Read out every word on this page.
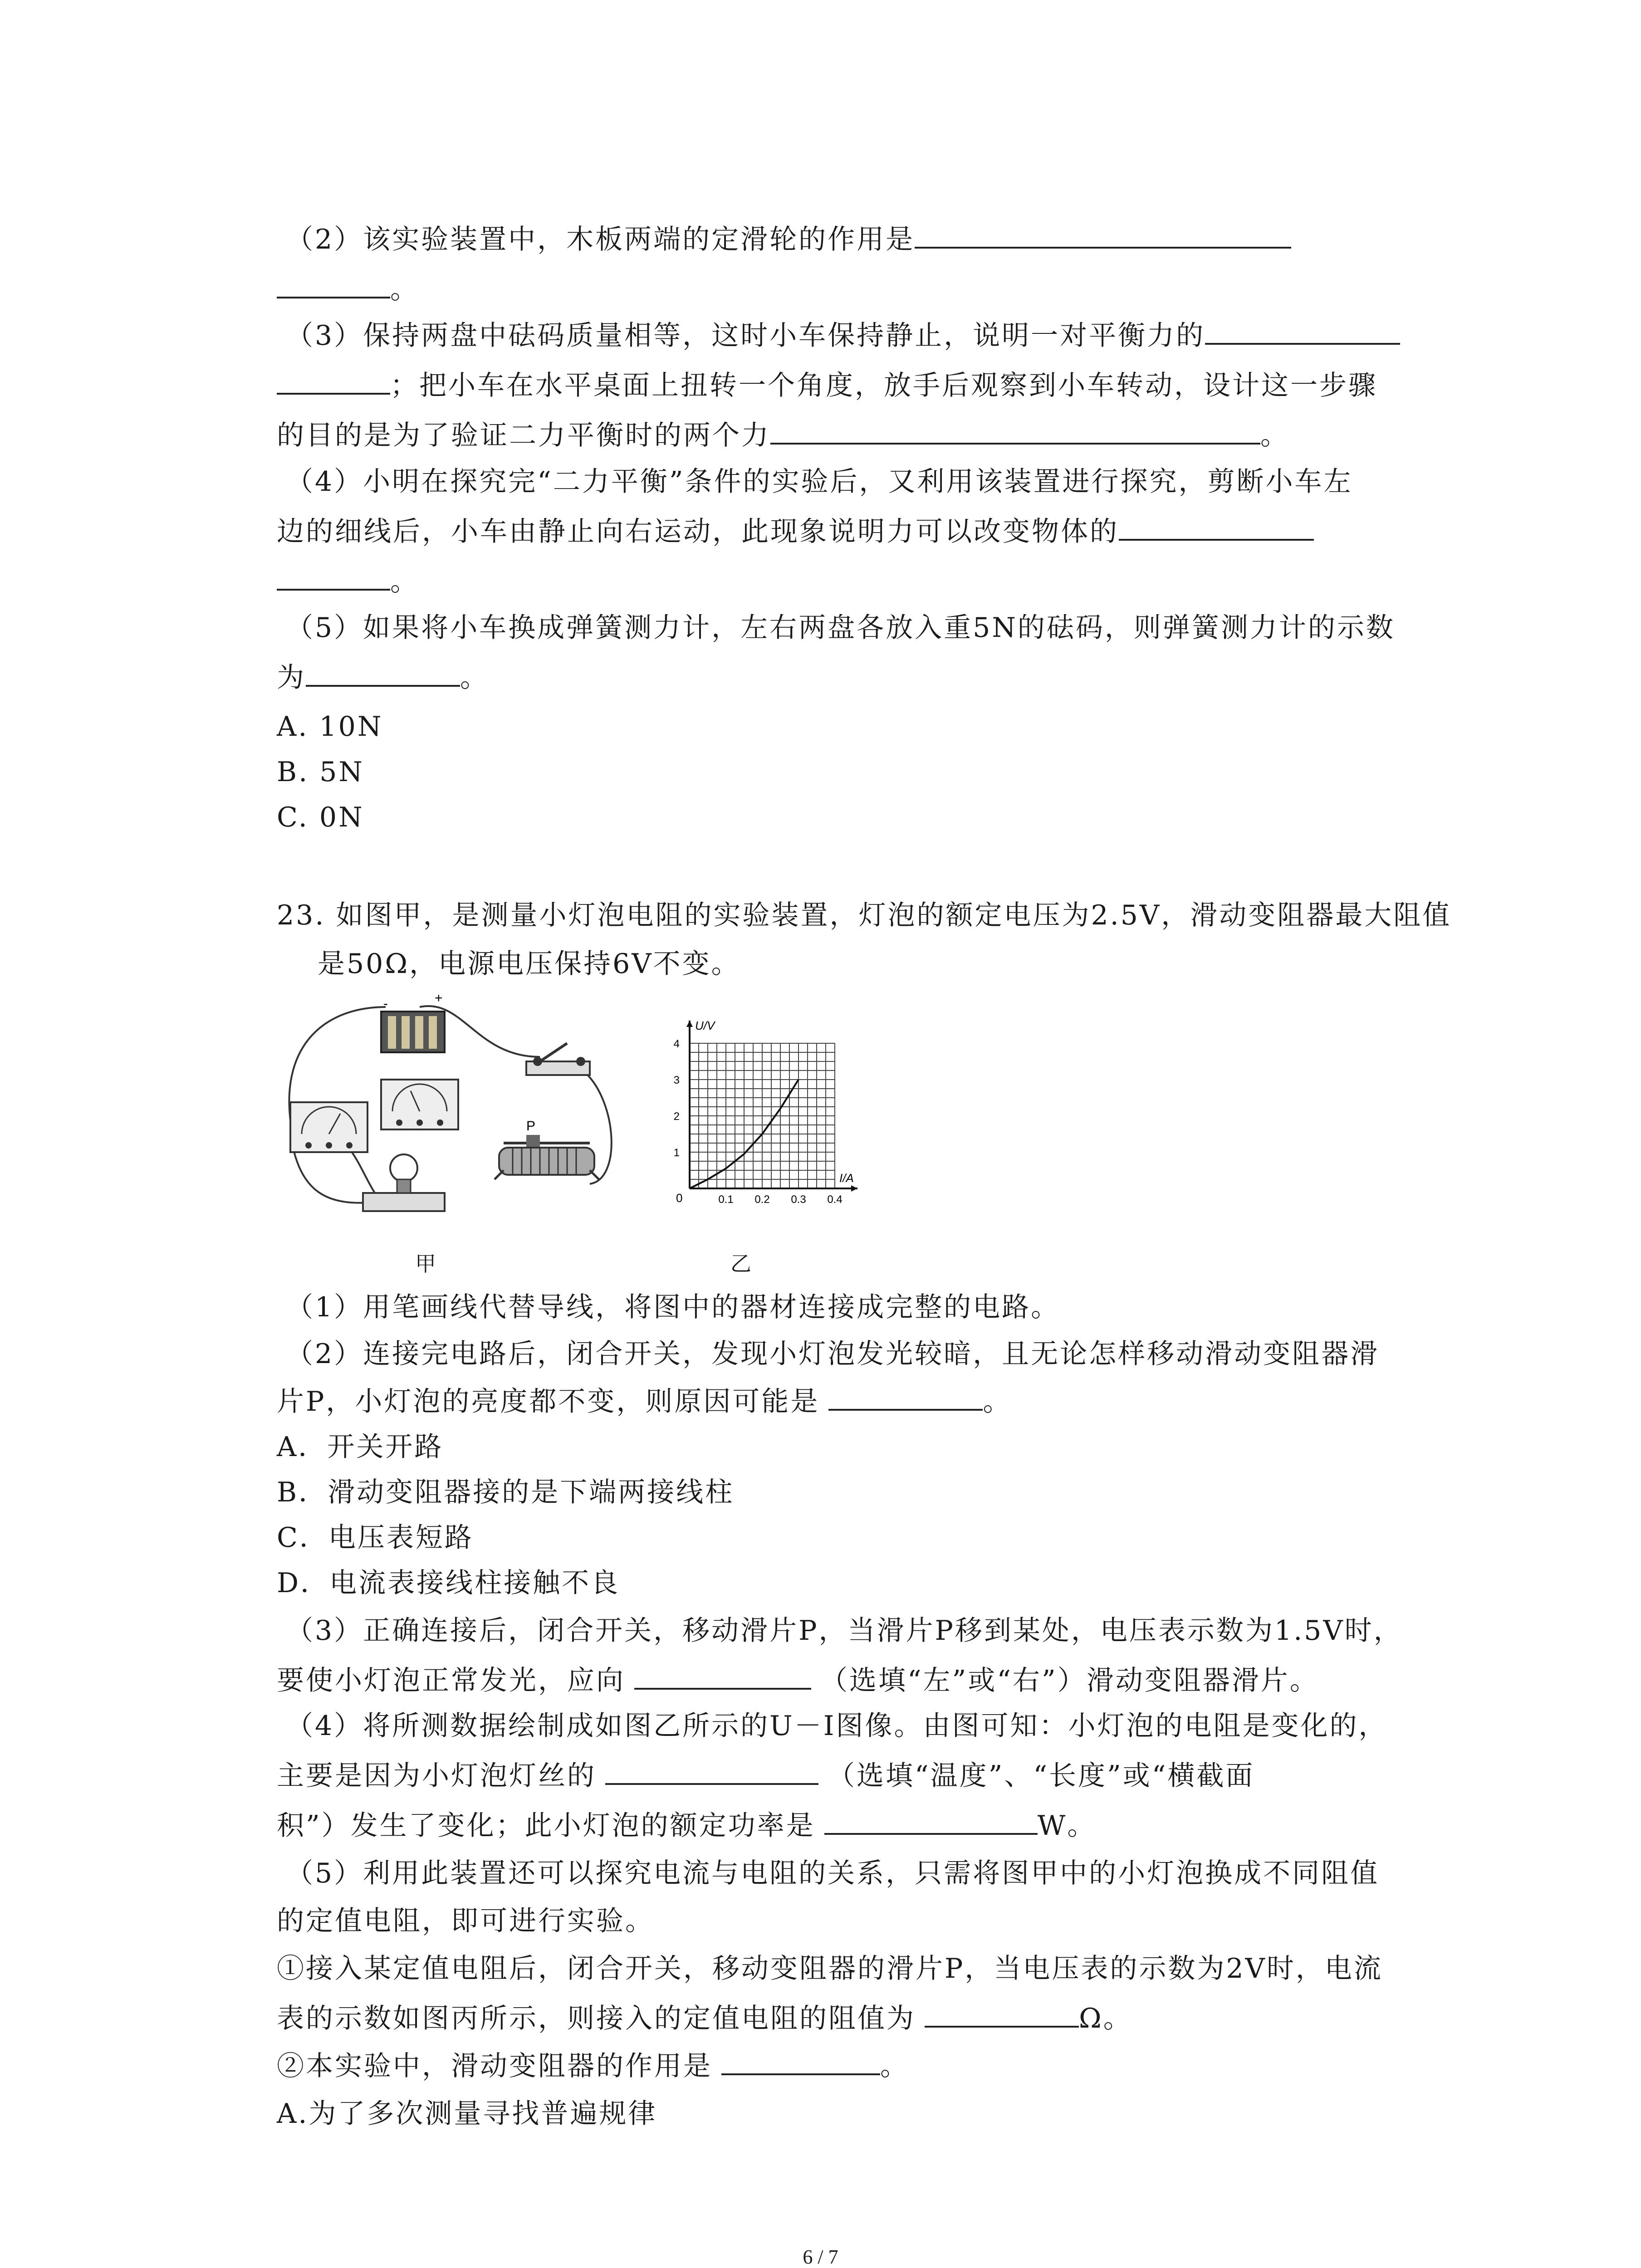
（2）该实验装置中，木板两端的定滑轮的作用是
。
（3）保持两盘中砝码质量相等，这时小车保持静止，说明一对平衡力的
；把小车在水平桌面上扭转一个角度，放手后观察到小车转动，设计这一步骤
的目的是为了验证二力平衡时的两个力	。
（4）小明在探究完“二力平衡”条件的实验后，又利用该装置进行探究，剪断小车左
边的细线后，小车由静止向右运动，此现象说明力可以改变物体的
。
（5）如果将小车换成弹簧测力计，左右两盘各放入重5N的砝码，则弹簧测力计的示数
为	。
A. 10N
B. 5N
C. 0N
23. 如图甲，是测量小灯泡电阻的实验装置，灯泡的额定电压为2.5V，滑动变阻器最大阻值
是50Ω，电源电压保持6V不变。
-	+
P
甲
U/V
I/A
0	0.1 0.2 0.3 0.4
1
2
3
4
乙
（1）用笔画线代替导线，将图中的器材连接成完整的电路。
（2）连接完电路后，闭合开关，发现小灯泡发光较暗，且无论怎样移动滑动变阻器滑
片P，小灯泡的亮度都不变，则原因可能是	。
A．开关开路
B．滑动变阻器接的是下端两接线柱
C．电压表短路
D．电流表接线柱接触不良
（3）正确连接后，闭合开关，移动滑片P，当滑片P移到某处，电压表示数为1.5V时，
要使小灯泡正常发光，应向	（选填“左”或“右”）滑动变阻器滑片。
（4）将所测数据绘制成如图乙所示的U－I图像。由图可知：小灯泡的电阻是变化的，
主要是因为小灯泡灯丝的	（选填“温度”、“长度”或“横截面
积”）发生了变化；此小灯泡的额定功率是	W。
（5）利用此装置还可以探究电流与电阻的关系，只需将图甲中的小灯泡换成不同阻值
的定值电阻，即可进行实验。
①接入某定值电阻后，闭合开关，移动变阻器的滑片P，当电压表的示数为2V时，电流
表的示数如图丙所示，则接入的定值电阻的阻值为	Ω。
②本实验中，滑动变阻器的作用是	。
A.为了多次测量寻找普遍规律
6 / 7
